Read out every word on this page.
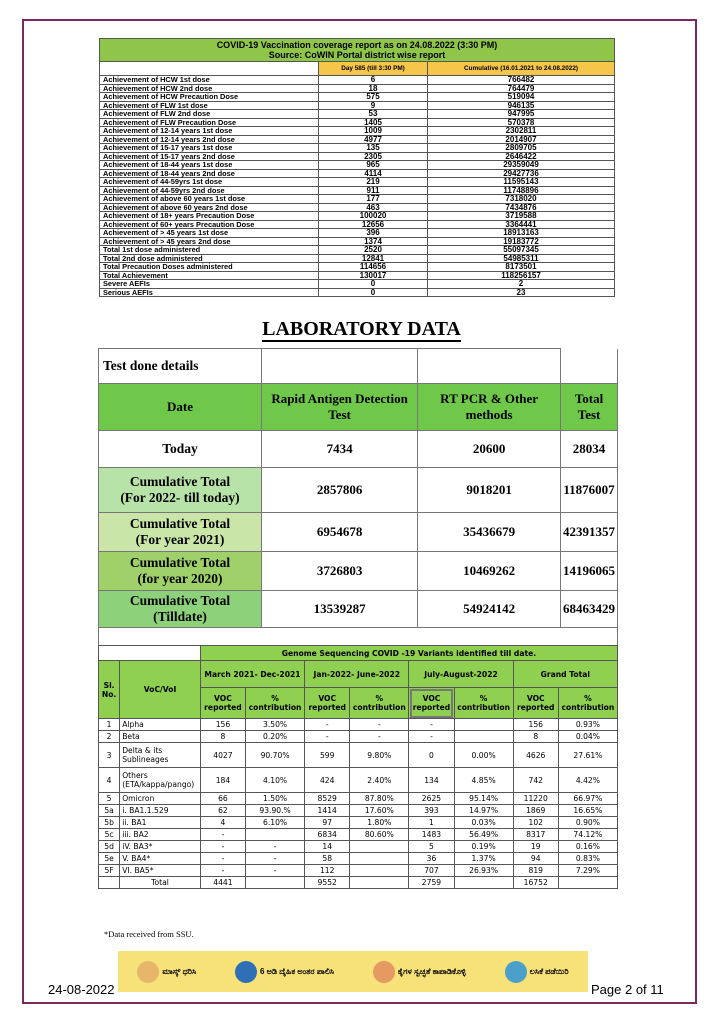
COVID-19 Vaccination coverage report as on 24.08.2022 (3:30 PM)
Source: CoWIN Portal district wise report		

	Day 585 (till 3:30 PM)	Cumulative (16.01.2021 to 24.08.2022)
Achievement of HCW 1st dose	6	766482
Achievement of HCW 2nd dose	18	764479
Achievement of HCW Precaution Dose	575	519094
Achievement of FLW 1st dose	9	946135
Achievement of FLW 2nd dose	53	947995
Achievement of FLW Precaution Dose	1405	570378
Achievement of 12-14 years 1st dose	1009	2302811
Achievement of 12-14 years 2nd dose	4977	2014907
Achievement of 15-17 years 1st dose	135	2809705
Achievement of 15-17 years 2nd dose	2305	2646422
Achievement of 18-44 years 1st dose	965	29359049
Achievement of 18-44 years 2nd dose	4114	29427736
Achievement of 44-59yrs 1st dose	219	11595143
Achievement of 44-59yrs 2nd dose	911	11748896
Achievement of above 60 years 1st dose	177	7318020
Achievement of above 60 years 2nd dose	463	7434876
Achievement of 18+ years Precaution Dose	100020	3719588
Achievement of 60+ years Precaution Dose	12656	3364441
Achievement of > 45 years 1st dose	396	18913163
Achievement of > 45 years 2nd dose	1374	19183772
Total 1st dose administered	2520	55097345
Total 2nd dose administered	12841	54985311
Total Precaution Doses administered	114656	8173501
Total Achievement	130017	118256157
Severe AEFIs	0	2
Serious AEFIs	0	23
LABORATORY DATA
Test done details			
Date	Rapid Antigen Detection Test	RT PCR & Other methods	Total Test

Today	7434	20600	28034

Cumulative Total
(For 2022- till today)	2857806	9018201	11876007

Cumulative Total
(For year 2021)	6954678	35436679	42391357

Cumulative Total
(for year 2020)	3726803	10469262	14196065

Cumulative Total
(Tilldate)	13539287	54924142	68463429

		Genome Sequencing COVID -19 Variants identified till date.							
Sl. No.	VoC/VoI	March 2021- Dec-2021		Jan-2022- June-2022		July-August-2022		Grand Total	
		VOC reported	% contribution	VOC reported	% contribution	VOC reported	% contribution	VOC reported	% contribution
1	Alpha	156	3.50%	-	-	-		156	0.93%
2	Beta	8	0.20%	-	-	-		8	0.04%
3	Delta & its Sublineages	4027	90.70%	599	9.80%	0	0.00%	4626	27.61%
4	Others (ETA/kappa/pango)	184	4.10%	424	2.40%	134	4.85%	742	4.42%
5	Omicron	66	1.50%	8529	87.80%	2625	95.14%	11220	66.97%
5a	i. BA1.1.529	62	93.90.%	1414	17.60%	393	14.97%	1869	16.65%
5b	ii. BA1	4	6.10%	97	1.80%	1	0.03%	102	0.90%
5c	iii. BA2	-		6834	80.60%	1483	56.49%	8317	74.12%
5d	iV. BA3*	-	-	14		5	0.19%	19	0.16%
5e	V. BA4*	-	-	58		36	1.37%	94	0.83%
5F	VI. BA5*	-	-	112		707	26.93%	819	7.29%
	Total	4441		9552		2759		16752	
*Data received from SSU.
ಮಾಸ್ಕ್ ಧರಿಸಿ	6 ಅಡಿ ದೈಹಿಕ ಅಂತರ ಪಾಲಿಸಿ	ಕೈಗಳ ಸ್ವಚ್ಛತೆ ಕಾಪಾಡಿಕೊಳ್ಳಿ	ಲಸಿಕೆ ಪಡೆಯಿರಿ
24-08-2022	Page 2 of 11
